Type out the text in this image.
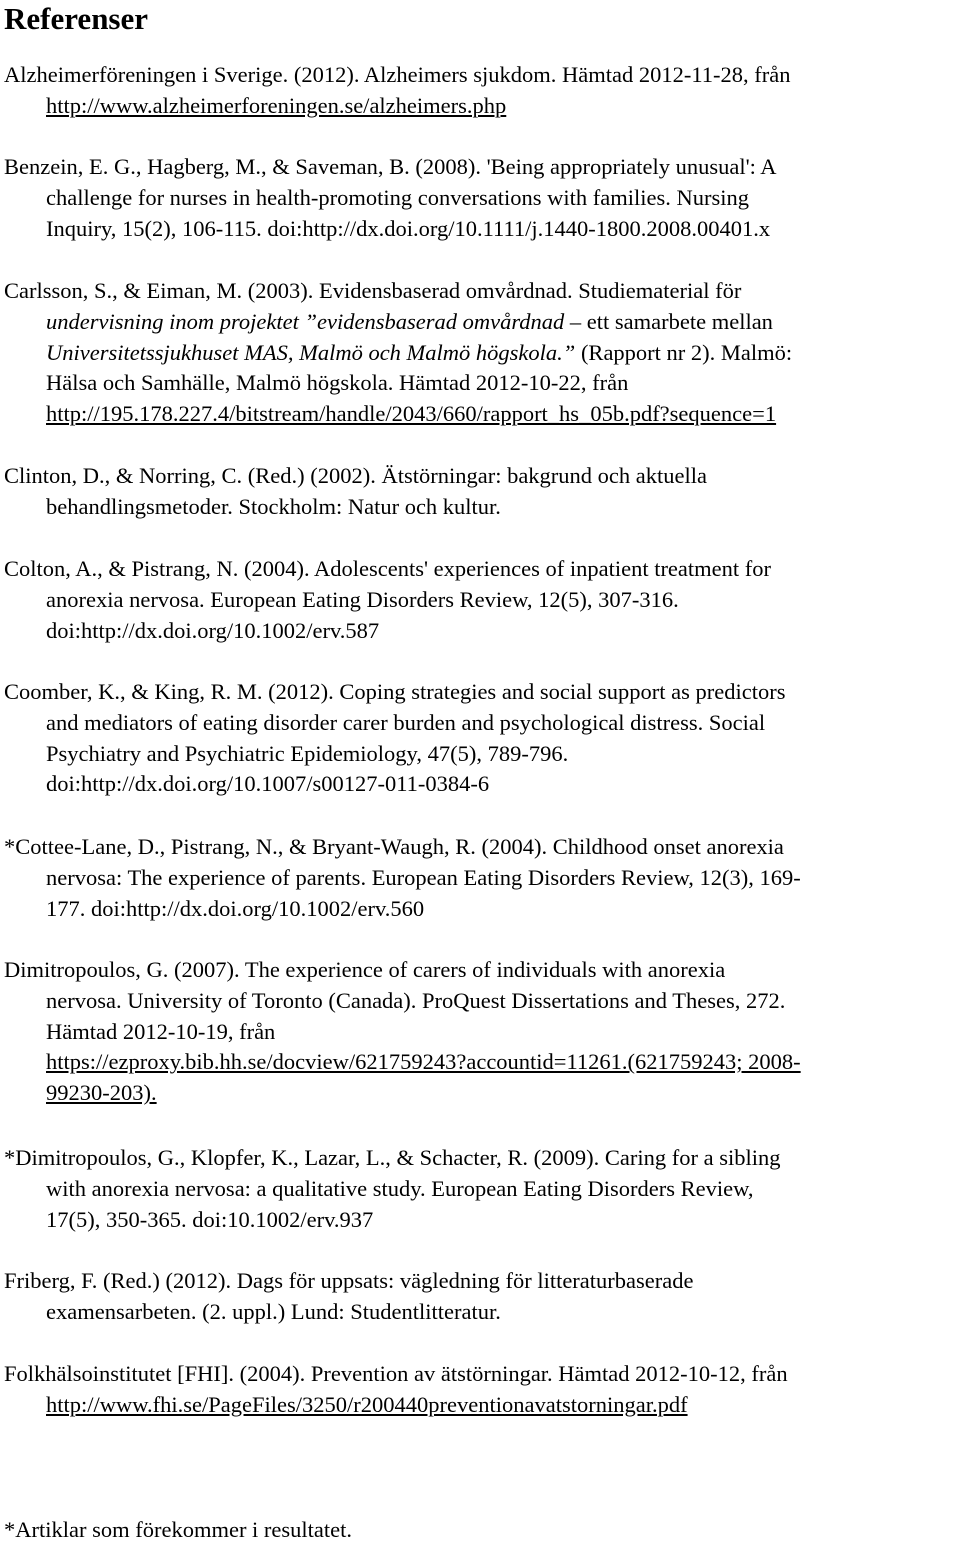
Referenser
Alzheimerföreningen i Sverige. (2012). Alzheimers sjukdom. Hämtad 2012-11-28, från
http://www.alzheimerforeningen.se/alzheimers.php
Benzein, E. G., Hagberg, M., & Saveman, B. (2008). 'Being appropriately unusual': A
challenge for nurses in health-promoting conversations with families. Nursing
Inquiry, 15(2), 106-115. doi:http://dx.doi.org/10.1111/j.1440-1800.2008.00401.x
Carlsson, S., & Eiman, M. (2003). Evidensbaserad omvårdnad. Studiematerial för
undervisning inom projektet ”evidensbaserad omvårdnad – ett samarbete mellan
Universitetssjukhuset MAS, Malmö och Malmö högskola.” (Rapport nr 2). Malmö:
Hälsa och Samhälle, Malmö högskola. Hämtad 2012-10-22, från
http://195.178.227.4/bitstream/handle/2043/660/rapport_hs_05b.pdf?sequence=1
Clinton, D., & Norring, C. (Red.) (2002). Ätstörningar: bakgrund och aktuella
behandlingsmetoder. Stockholm: Natur och kultur.
Colton, A., & Pistrang, N. (2004). Adolescents' experiences of inpatient treatment for
anorexia nervosa. European Eating Disorders Review, 12(5), 307-316.
doi:http://dx.doi.org/10.1002/erv.587
Coomber, K., & King, R. M. (2012). Coping strategies and social support as predictors
and mediators of eating disorder carer burden and psychological distress. Social
Psychiatry and Psychiatric Epidemiology, 47(5), 789-796.
doi:http://dx.doi.org/10.1007/s00127-011-0384-6
*Cottee-Lane, D., Pistrang, N., & Bryant-Waugh, R. (2004). Childhood onset anorexia
nervosa: The experience of parents. European Eating Disorders Review, 12(3), 169-
177. doi:http://dx.doi.org/10.1002/erv.560
Dimitropoulos, G. (2007). The experience of carers of individuals with anorexia
nervosa. University of Toronto (Canada). ProQuest Dissertations and Theses, 272.
Hämtad 2012-10-19, från
https://ezproxy.bib.hh.se/docview/621759243?accountid=11261.(621759243; 2008-
99230-203).
*Dimitropoulos, G., Klopfer, K., Lazar, L., & Schacter, R. (2009). Caring for a sibling
with anorexia nervosa: a qualitative study. European Eating Disorders Review,
17(5), 350-365. doi:10.1002/erv.937
Friberg, F. (Red.) (2012). Dags för uppsats: vägledning för litteraturbaserade
examensarbeten. (2. uppl.) Lund: Studentlitteratur.
Folkhälsoinstitutet [FHI]. (2004). Prevention av ätstörningar. Hämtad 2012-10-12, från
http://www.fhi.se/PageFiles/3250/r200440preventionavatstorningar.pdf
*Artiklar som förekommer i resultatet.
